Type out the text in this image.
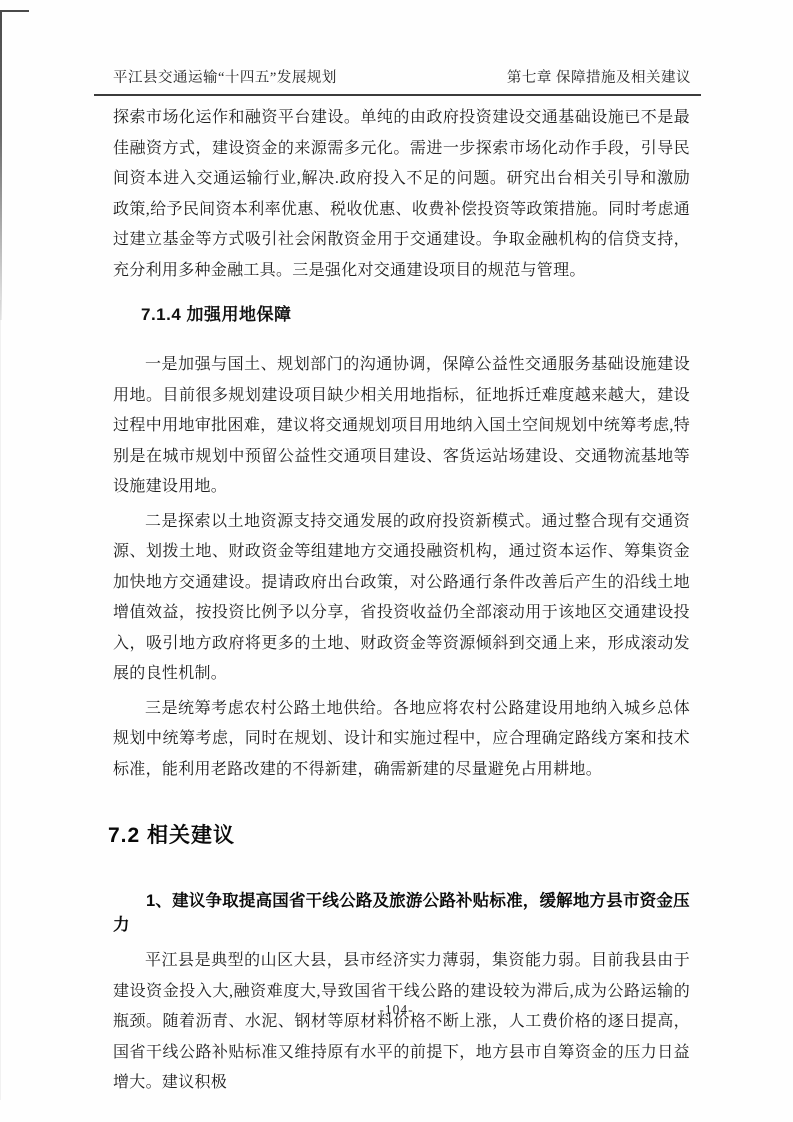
平江县交通运输“十四五”发展规划	第七章 保障措施及相关建议

探索市场化运作和融资平台建设。单纯的由政府投资建设交通基础设施已不是最佳融资方式，建设资金的来源需多元化。需进一步探索市场化动作手段，引导民间资本进入交通运输行业,解决.政府投入不足的问题。研究出台相关引导和激励政策,给予民间资本利率优惠、税收优惠、收费补偿投资等政策措施。同时考虑通过建立基金等方式吸引社会闲散资金用于交通建设。争取金融机构的信贷支持，充分利用多种金融工具。三是强化对交通建设项目的规范与管理。

7.1.4 加强用地保障

一是加强与国土、规划部门的沟通协调，保障公益性交通服务基础设施建设用地。目前很多规划建设项目缺少相关用地指标，征地拆迁难度越来越大，建设过程中用地审批困难，建议将交通规划项目用地纳入国土空间规划中统筹考虑,特别是在城市规划中预留公益性交通项目建设、客货运站场建设、交通物流基地等设施建设用地。

二是探索以土地资源支持交通发展的政府投资新模式。通过整合现有交通资源、划拨土地、财政资金等组建地方交通投融资机构，通过资本运作、筹集资金加快地方交通建设。提请政府出台政策，对公路通行条件改善后产生的沿线土地增值效益，按投资比例予以分享，省投资收益仍全部滚动用于该地区交通建设投入，吸引地方政府将更多的土地、财政资金等资源倾斜到交通上来，形成滚动发展的良性机制。

三是统筹考虑农村公路土地供给。各地应将农村公路建设用地纳入城乡总体规划中统筹考虑，同时在规划、设计和实施过程中，应合理确定路线方案和技术标准，能利用老路改建的不得新建，确需新建的尽量避免占用耕地。

7.2 相关建议

1、建议争取提高国省干线公路及旅游公路补贴标准，缓解地方县市资金压力

平江县是典型的山区大县，县市经济实力薄弱，集资能力弱。目前我县由于建设资金投入大,融资难度大,导致国省干线公路的建设较为滞后,成为公路运输的瓶颈。随着沥青、水泥、钢材等原材料价格不断上涨，人工费价格的逐日提高，国省干线公路补贴标准又维持原有水平的前提下，地方县市自筹资金的压力日益增大。建议积极

-104-
